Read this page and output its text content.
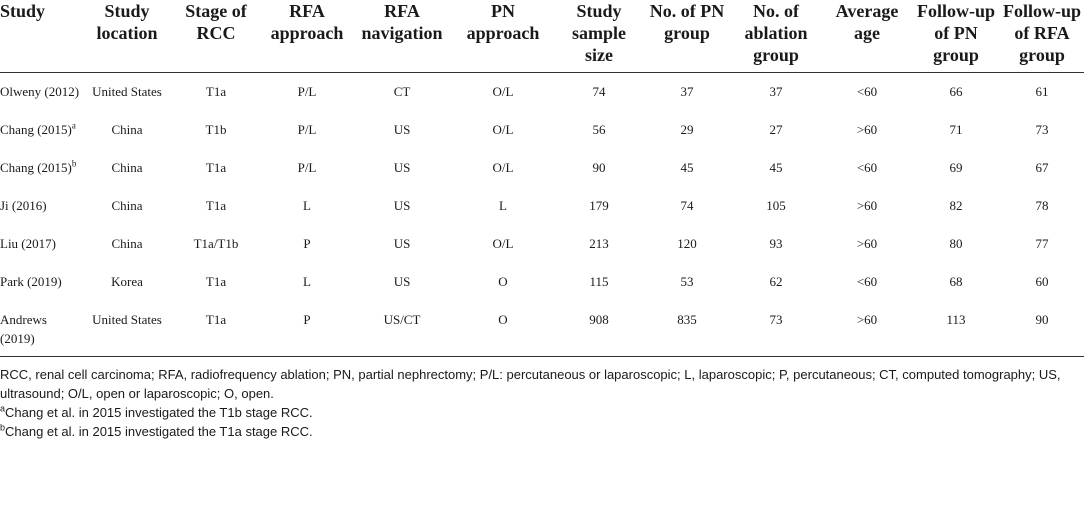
Study	Study location	Stage of RCC	RFA approach	RFA navigation	PN approach	Study sample size	No. of PN group	No. of ablation group	Average age	Follow-up of PN group	Follow-up of RFA group
Olweny (2012)	United States	T1a	P/L	CT	O/L	74	37	37	<60	66	61
Chang $(2015)^a$	China	T1b	P/L	US	O/L	56	29	27	>60	71	73
Chang $(2015)^b$	China	T1a	P/L	US	O/L	90	45	45	<60	69	67
Ji (2016)	China	T1a	L	US	L	179	74	105	>60	82	78
Liu (2017)	China	T1a/T1b	P	US	O/L	213	120	93	>60	80	77
Park (2019)	Korea	T1a	L	US	O	115	53	62	<60	68	60
Andrews (2019)	United States	T1a	P	US/CT	O	908	835	73	>60	113	90

RCC, renal cell carcinoma; RFA, radiofrequency ablation; PN, partial nephrectomy; P/L: percutaneous or laparoscopic; L, laparoscopic; P, percutaneous; CT, computed tomography; US, ultrasound; O/L, open or laparoscopic; O, open.

$^a$Chang et al. in 2015 investigated the T1b stage RCC.

$^b$Chang et al. in 2015 investigated the T1a stage RCC.
